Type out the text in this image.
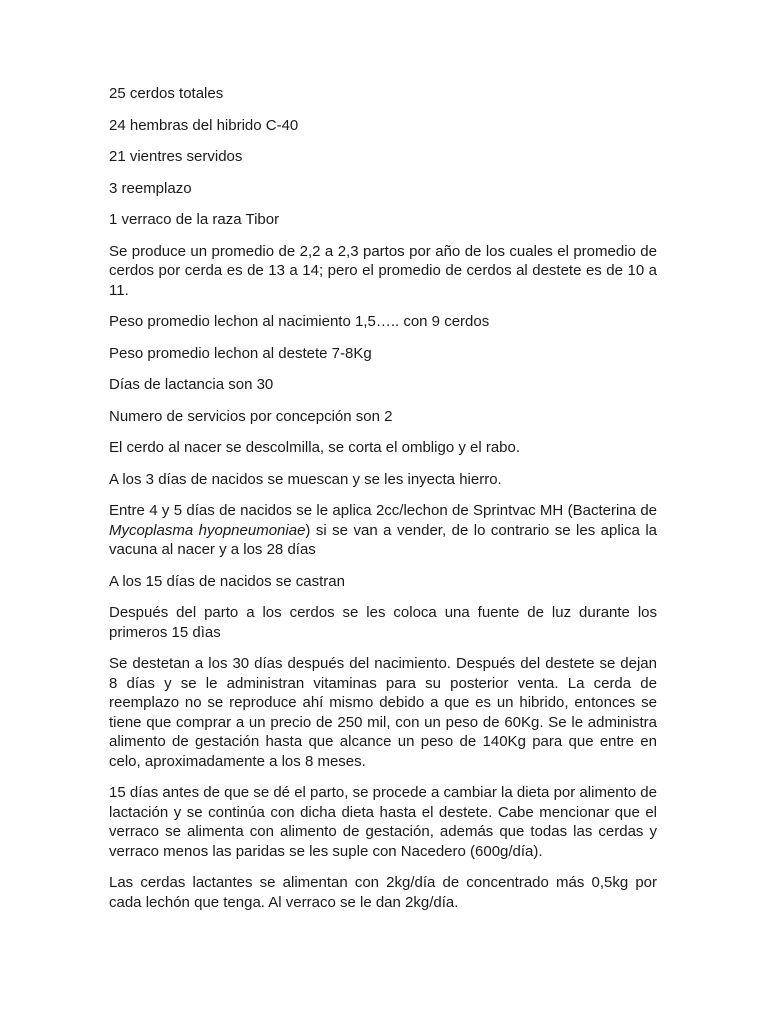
25 cerdos totales

24 hembras del hibrido C-40

21 vientres servidos

3 reemplazo

1 verraco de la raza Tibor

Se produce un promedio de 2,2 a 2,3 partos por año de los cuales el promedio de cerdos por cerda es de 13 a 14; pero el promedio de cerdos al destete es de 10 a 11.

Peso promedio lechon al nacimiento 1,5….. con 9 cerdos

Peso promedio lechon al destete 7-8Kg

Días de lactancia son 30

Numero de servicios por concepción son 2

El cerdo al nacer se descolmilla, se corta el ombligo y el rabo.

A los 3 días de nacidos se muescan y se les inyecta hierro.

Entre 4 y 5 días de nacidos se le aplica 2cc/lechon de Sprintvac MH (Bacterina de Mycoplasma hyopneumoniae) si se van a vender, de lo contrario se les aplica la vacuna al nacer y a los 28 días

A los 15 días de nacidos se castran

Después del parto a los cerdos se les coloca una fuente de luz durante los primeros 15 dìas

Se destetan a los 30 días después del nacimiento. Después del destete se dejan 8 días y se le administran vitaminas para su posterior venta. La cerda de reemplazo no se reproduce ahí mismo debido a que es un hibrido, entonces se tiene que comprar a un precio de 250 mil, con un peso de 60Kg. Se le administra alimento de gestación hasta que alcance un peso de 140Kg para que entre en celo, aproximadamente a los 8 meses.

15 días antes de que se dé el parto, se procede a cambiar la dieta por alimento de lactación y se continúa con dicha dieta hasta el destete. Cabe mencionar que el verraco se alimenta con alimento de gestación, además que todas las cerdas y verraco menos las paridas se les suple con Nacedero (600g/día).

Las cerdas lactantes se alimentan con 2kg/día de concentrado más 0,5kg por cada lechón que tenga. Al verraco se le dan 2kg/día.
